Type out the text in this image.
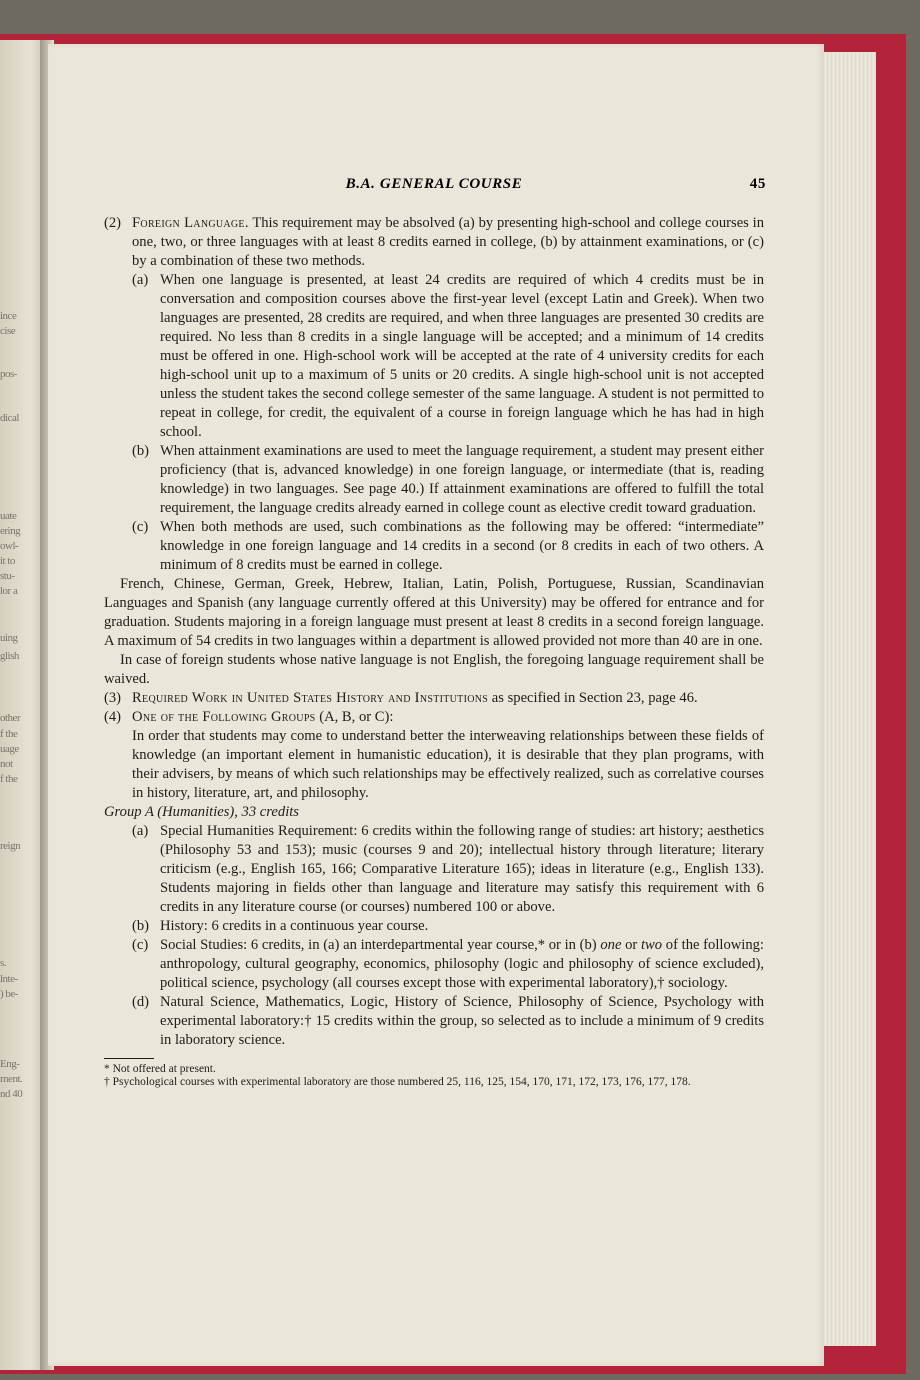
ince
cise
pos-
dical
uate
ering
owl-
it to
stu-
lor a
uing
glish
other
f the
uage
not
f the
reign
s.
lnte-
) be-
Eng-
ment.
nd 40
B.A. GENERAL COURSE	45

(2) Foreign Language. This requirement may be absolved (a) by presenting high-school and college courses in one, two, or three languages with at least 8 credits earned in college, (b) by attainment examinations, or (c) by a combination of these two methods.

(a) When one language is presented, at least 24 credits are required of which 4 credits must be in conversation and composition courses above the first-year level (except Latin and Greek). When two languages are presented, 28 credits are required, and when three languages are presented 30 credits are required. No less than 8 credits in a single language will be accepted; and a minimum of 14 credits must be offered in one. High-school work will be accepted at the rate of 4 university credits for each high-school unit up to a maximum of 5 units or 20 credits. A single high-school unit is not accepted unless the student takes the second college semester of the same language. A student is not permitted to repeat in college, for credit, the equivalent of a course in foreign language which he has had in high school.

(b) When attainment examinations are used to meet the language requirement, a student may present either proficiency (that is, advanced knowledge) in one foreign language, or intermediate (that is, reading knowledge) in two languages. See page 40.) If attainment examinations are offered to fulfill the total requirement, the language credits already earned in college count as elective credit toward graduation.

(c) When both methods are used, such combinations as the following may be offered: “intermediate” knowledge in one foreign language and 14 credits in a second (or 8 credits in each of two others. A minimum of 8 credits must be earned in college.

French, Chinese, German, Greek, Hebrew, Italian, Latin, Polish, Portuguese, Russian, Scandinavian Languages and Spanish (any language currently offered at this University) may be offered for entrance and for graduation. Students majoring in a foreign language must present at least 8 credits in a second foreign language. A maximum of 54 credits in two languages within a department is allowed provided not more than 40 are in one.

In case of foreign students whose native language is not English, the foregoing language requirement shall be waived.

(3) Required Work in United States History and Institutions as specified in Section 23, page 46.

(4) One of the Following Groups (A, B, or C):

In order that students may come to understand better the interweaving relationships between these fields of knowledge (an important element in humanistic education), it is desirable that they plan programs, with their advisers, by means of which such relationships may be effectively realized, such as correlative courses in history, literature, art, and philosophy.

Group A (Humanities), 33 credits

(a) Special Humanities Requirement: 6 credits within the following range of studies: art history; aesthetics (Philosophy 53 and 153); music (courses 9 and 20); intellectual history through literature; literary criticism (e.g., English 165, 166; Comparative Literature 165); ideas in literature (e.g., English 133). Students majoring in fields other than language and literature may satisfy this requirement with 6 credits in any literature course (or courses) numbered 100 or above.

(b) History: 6 credits in a continuous year course.

(c) Social Studies: 6 credits, in (a) an interdepartmental year course,* or in (b) one or two of the following: anthropology, cultural geography, economics, philosophy (logic and philosophy of science excluded), political science, psychology (all courses except those with experimental laboratory),† sociology.

(d) Natural Science, Mathematics, Logic, History of Science, Philosophy of Science, Psychology with experimental laboratory:† 15 credits within the group, so selected as to include a minimum of 9 credits in laboratory science.

* Not offered at present.

† Psychological courses with experimental laboratory are those numbered 25, 116, 125, 154, 170, 171, 172, 173, 176, 177, 178.
